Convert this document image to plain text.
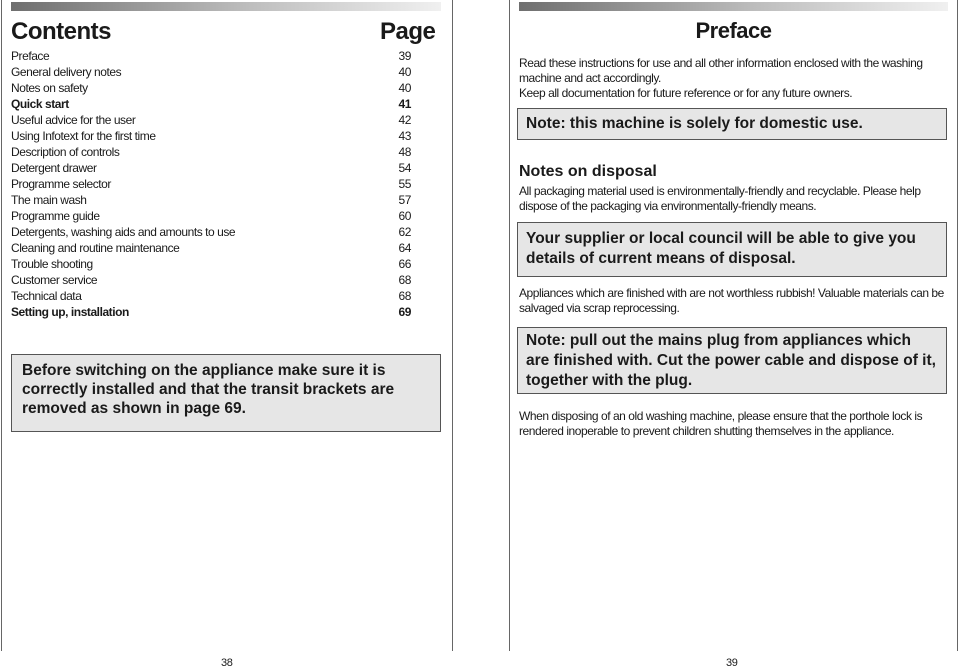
Contents	Page
Preface	39
General delivery notes	40
Notes on safety	40
Quick start	41
Useful advice for the user	42
Using Infotext for the first time	43
Description of controls	48
Detergent drawer	54
Programme selector	55
The main wash	57
Programme guide	60
Detergents, washing aids and amounts to use	62
Cleaning and routine maintenance	64
Trouble shooting	66
Customer service	68
Technical data	68
Setting up, installation	69
Before switching on the appliance make sure it is correctly installed and that the transit brackets are removed as shown in page 69.
38
Preface
Read these instructions for use and all other information enclosed with the washing machine and act accordingly.
Keep all documentation for future reference or for any future owners.
Note: this machine is solely for domestic use.
Notes on disposal
All packaging material used is environmentally-friendly and recyclable. Please help dispose of the packaging via environmentally-friendly means.
Your supplier or local council will be able to give you details of current means of disposal.
Appliances which are finished with are not worthless rubbish! Valuable materials can be salvaged via scrap reprocessing.
Note: pull out the mains plug from appliances which are finished with. Cut the power cable and dispose of it, together with the plug.
When disposing of an old washing machine, please ensure that the porthole lock is rendered inoperable to prevent children shutting themselves in the appliance.
39
